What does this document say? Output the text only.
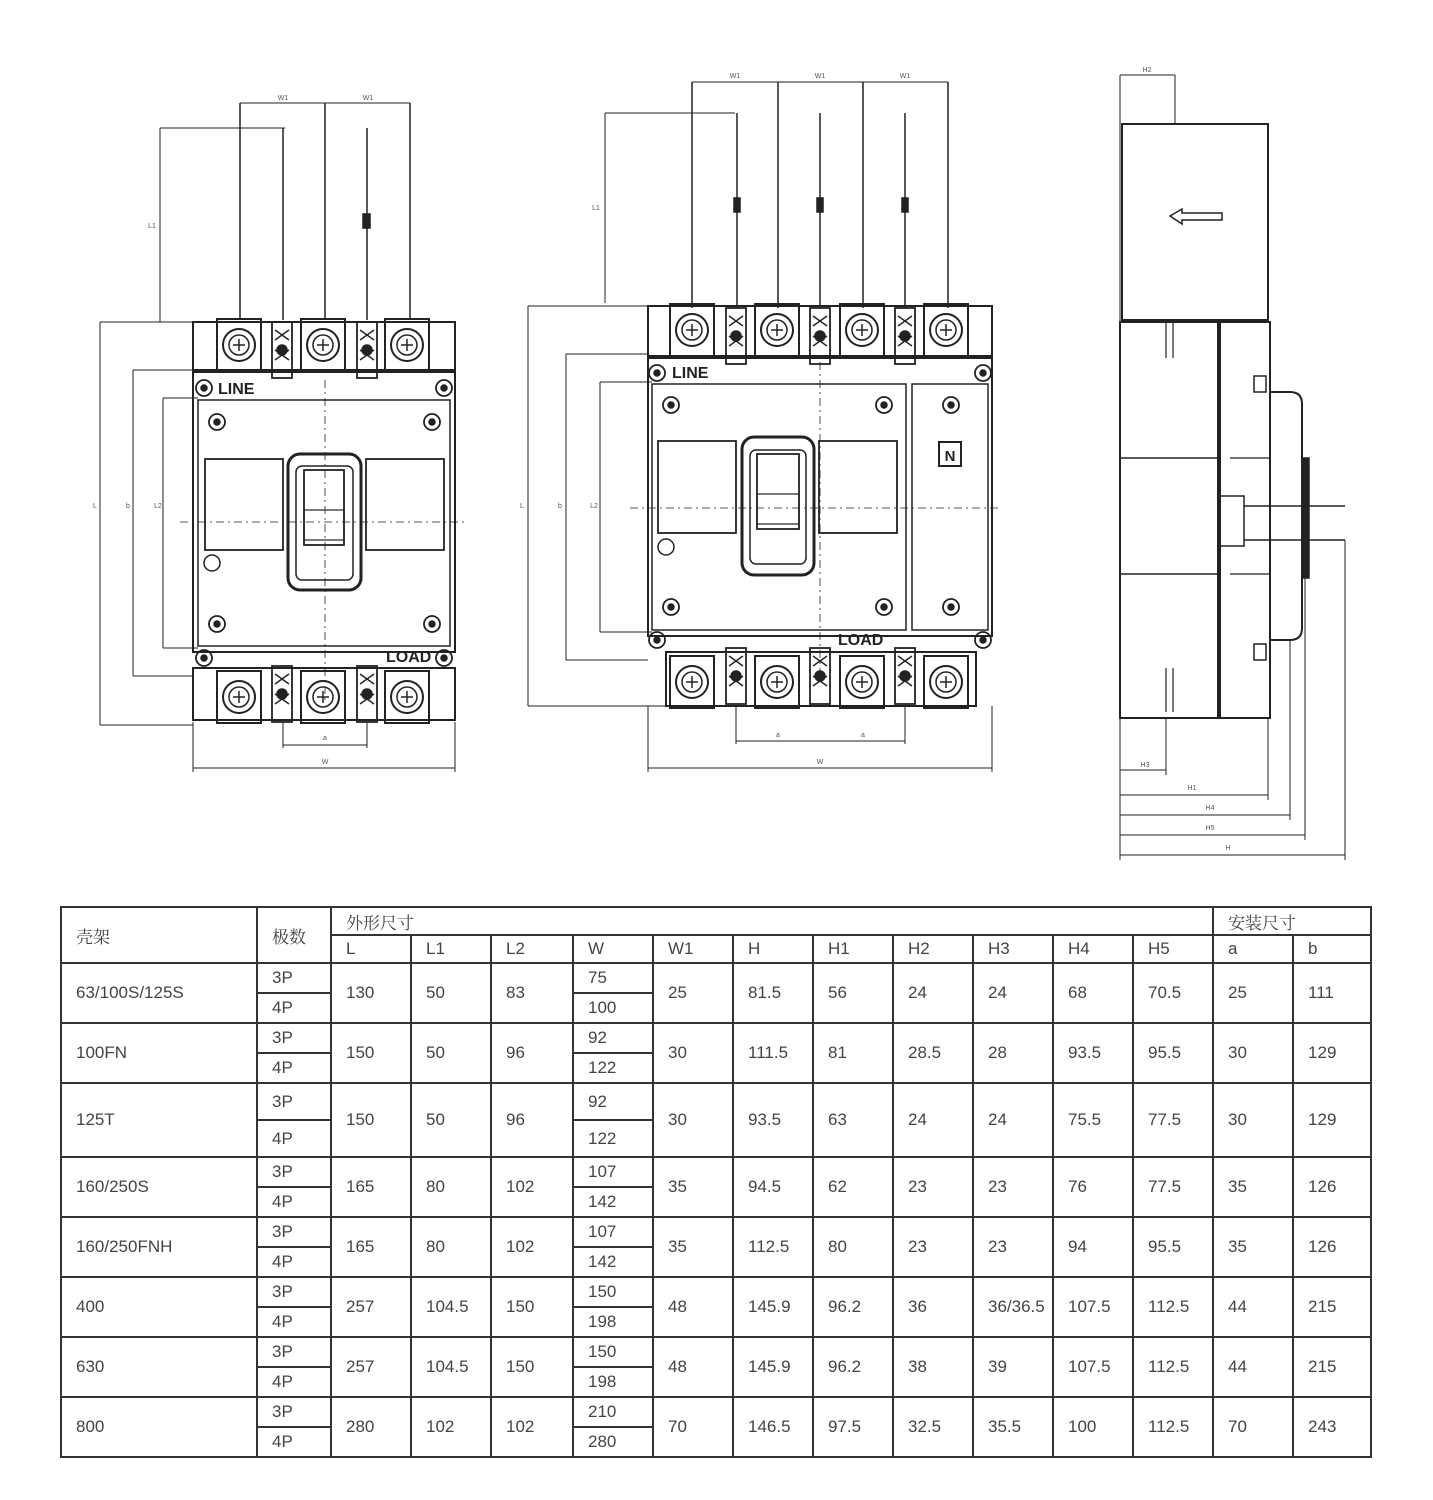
W1	W1
L1
L	b	L2
a
W
LINE
LOAD
W1	W1	W1
L1
L	b	L2
a	a
W
LINE
LOAD
N
H2
H3
H1
H4
H5
H
壳架	极数	外形尺寸											安装尺寸	
		L	L1	L2	W	W1	H	H1	H2	H3	H4	H5	a	b
63/100S/125S	3P	130	50	83	75	25	81.5	56	24	24	68	70.5	25	111
	4P				100									
100FN	3P	150	50	96	92	30	111.5	81	28.5	28	93.5	95.5	30	129
	4P				122									
125T	3P	150	50	96	92	30	93.5	63	24	24	75.5	77.5	30	129
	4P				122									
160/250S	3P	165	80	102	107	35	94.5	62	23	23	76	77.5	35	126
	4P				142									
160/250FNH	3P	165	80	102	107	35	112.5	80	23	23	94	95.5	35	126
	4P				142									
400	3P	257	104.5	150	150	48	145.9	96.2	36	36/36.5	107.5	112.5	44	215
	4P				198									
630	3P	257	104.5	150	150	48	145.9	96.2	38	39	107.5	112.5	44	215
	4P				198									
800	3P	280	102	102	210	70	146.5	97.5	32.5	35.5	100	112.5	70	243
	4P				280									
